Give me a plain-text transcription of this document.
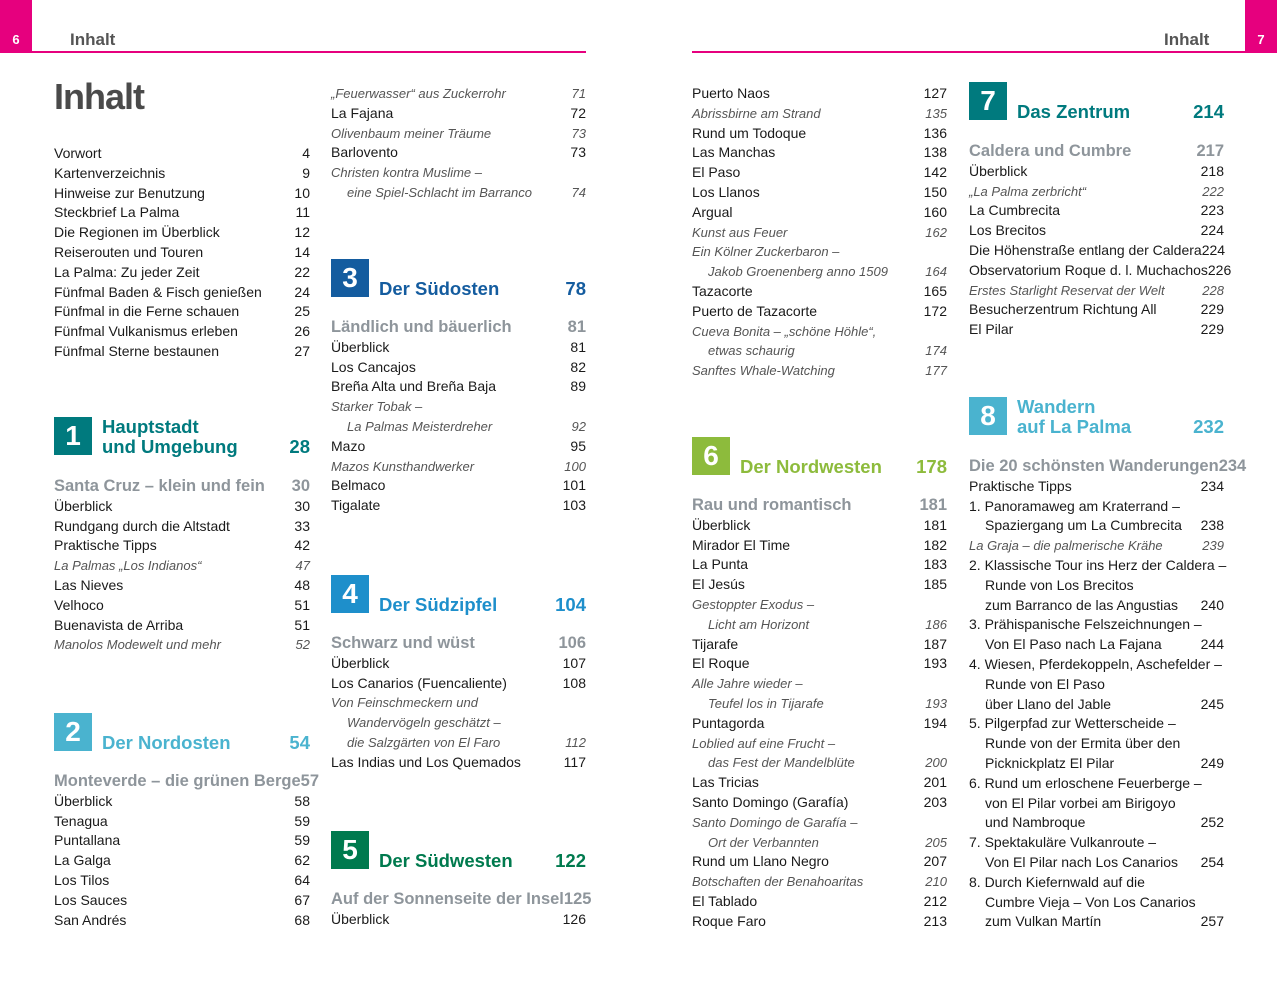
6	Inhalt	7
Inhalt
Inhalt
Vorwort	4
Kartenverzeichnis	9
Hinweise zur Benutzung	10
Steckbrief La Palma	11
Die Regionen im Überblick	12
Reiserouten und Touren	14
La Palma: Zu jeder Zeit	22
Fünfmal Baden & Fisch genießen 24
Fünfmal in die Ferne schauen	25
Fünfmal Vulkanismus erleben	26
Fünfmal Sterne bestaunen	27
1	Hauptstadt
und Umgebung	28
Santa Cruz – klein und fein 30
Überblick	30
Rundgang durch die Altstadt	33
Praktische Tipps	42
La Palmas „Los Indianos“	47
Las Nieves	48
Velhoco	51
Buenavista de Arriba	51
Manolos Modewelt und mehr	52
2	Der Nordosten	54
Monteverde – die grünen Berge 57
Überblick	58
Tenagua	59
Puntallana	59
La Galga	62
Los Tilos	64
Los Sauces	67
San Andrés	68
„Feuerwasser“ aus Zuckerrohr	71
La Fajana	72
Olivenbaum meiner Träume	73
Barlovento	73
Christen kontra Muslime –
eine Spiel-Schlacht im Barranco	74
3	Der Südosten	78
Ländlich und bäuerlich	81
Überblick	81
Los Cancajos	82
Breña Alta und Breña Baja	89
Starker Tobak –
La Palmas Meisterdreher	92
Mazo	95
Mazos Kunsthandwerker	100
Belmaco	101
Tigalate	103
4	Der Südzipfel	104
Schwarz und wüst	106
Überblick	107
Los Canarios (Fuencaliente)	108
Von Feinschmeckern und
Wandervögeln geschätzt –
die Salzgärten von El Faro	112
Las Indias und Los Quemados	117
5	Der Südwesten 122
Auf der Sonnenseite der Insel 125
Überblick	126
Puerto Naos	127
Abrissbirne am Strand	135
Rund um Todoque	136
Las Manchas	138
El Paso	142
Los Llanos	150
Argual	160
Kunst aus Feuer	162
Ein Kölner Zuckerbaron –
Jakob Groenenberg anno 1509	164
Tazacorte	165
Puerto de Tazacorte	172
Cueva Bonita – „schöne Höhle“,
etwas schaurig	174
Sanftes Whale-Watching	177
6	Der Nordwesten 178
Rau und romantisch	181
Überblick	181
Mirador El Time	182
La Punta	183
El Jesús	185
Gestoppter Exodus –
Licht am Horizont	186
Tijarafe	187
El Roque	193
Alle Jahre wieder –
Teufel los in Tijarafe	193
Puntagorda	194
Loblied auf eine Frucht –
das Fest der Mandelblüte	200
Las Tricias	201
Santo Domingo (Garafía)	203
Santo Domingo de Garafía –
Ort der Verbannten	205
Rund um Llano Negro	207
Botschaften der Benahoaritas	210
El Tablado	212
Roque Faro	213
7	Das Zentrum	214
Caldera und Cumbre	217
Überblick	218
„La Palma zerbricht“	222
La Cumbrecita	223
Los Brecitos	224
Die Höhenstraße entlang der Caldera 224
Observatorium Roque d. l. Muchachos 226
Erstes Starlight Reservat der Welt	228
Besucherzentrum Richtung All	229
El Pilar	229
8	Wandern
auf La Palma	232
Die 20 schönsten Wanderungen 234
Praktische Tipps	234
1. Panoramaweg am Kraterrand –
Spaziergang um La Cumbrecita 238
La Graja – die palmerische Krähe	239
2. Klassische Tour ins Herz der Caldera –
Runde von Los Brecitos
zum Barranco de las Angustias 240
3. Prähispanische Felszeichnungen –
Von El Paso nach La Fajana	244
4. Wiesen, Pferdekoppeln, Aschefelder –
Runde von El Paso
über Llano del Jable	245
5. Pilgerpfad zur Wetterscheide –
Runde von der Ermita über den
Picknickplatz El Pilar	249
6. Rund um erloschene Feuerberge –
von El Pilar vorbei am Birigoyo
und Nambroque	252
7. Spektakuläre Vulkanroute –
Von El Pilar nach Los Canarios 254
8. Durch Kiefernwald auf die
Cumbre Vieja – Von Los Canarios
zum Vulkan Martín	257
